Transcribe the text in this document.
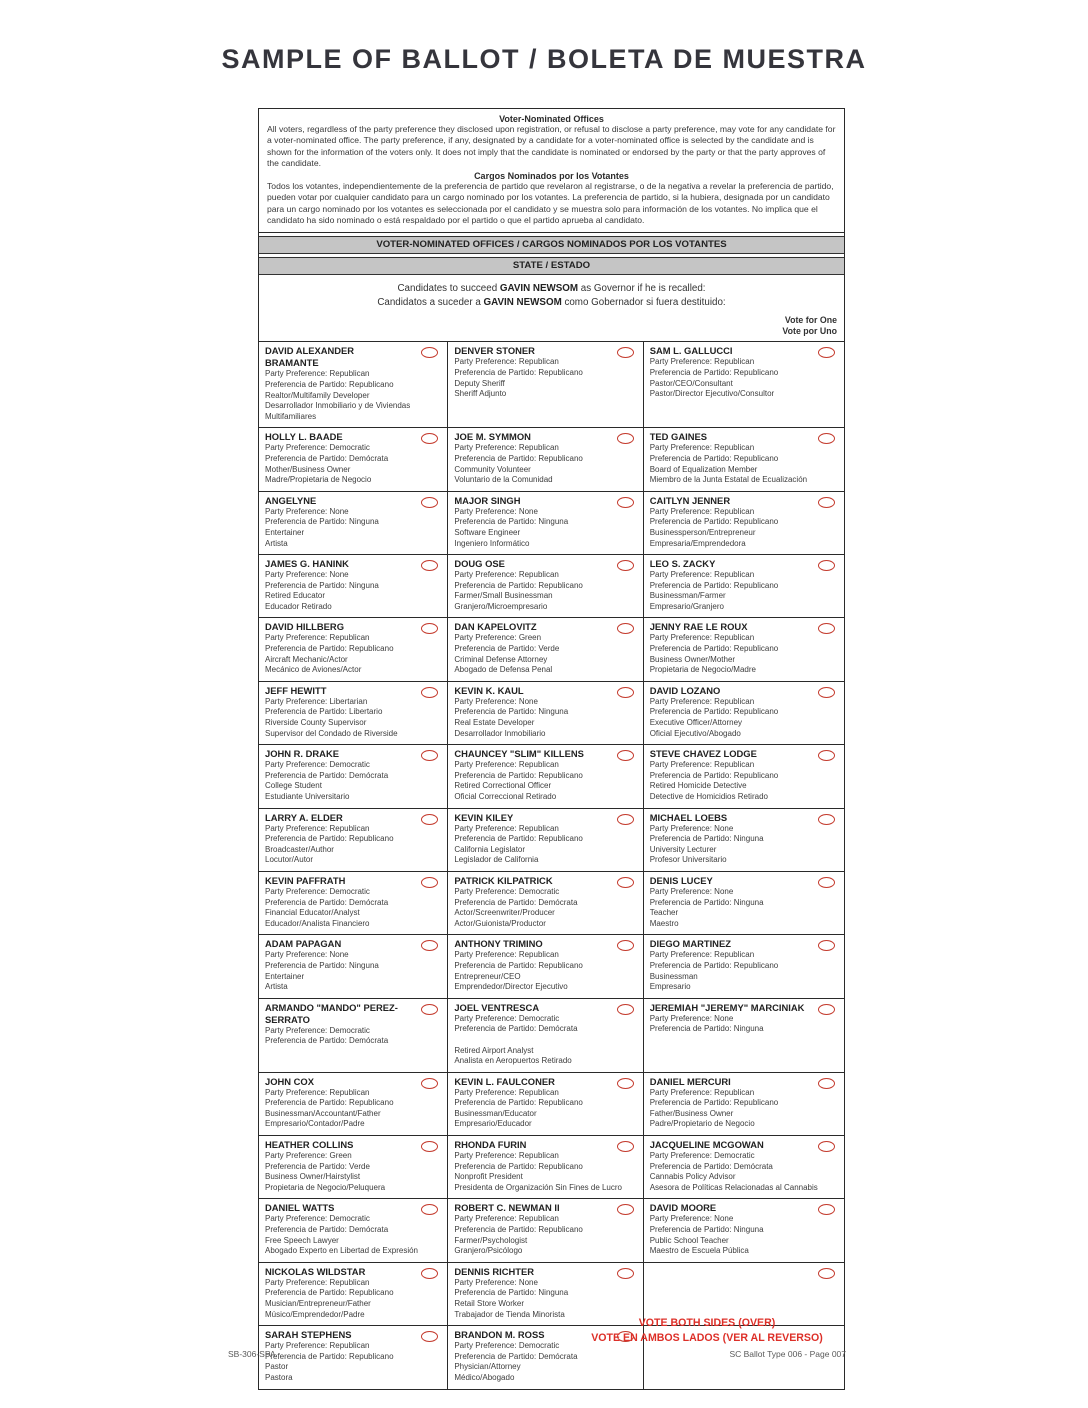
SAMPLE OF BALLOT / BOLETA DE MUESTRA
Voter-Nominated Offices
All voters, regardless of the party preference they disclosed upon registration, or refusal to disclose a party preference, may vote for any candidate for a voter-nominated office. The party preference, if any, designated by a candidate for a voter-nominated office is selected by the candidate and is shown for the information of the voters only. It does not imply that the candidate is nominated or endorsed by the party or that the party approves of the candidate.
Cargos Nominados por los Votantes
Todos los votantes, independientemente de la preferencia de partido que revelaron al registrarse, o de la negativa a revelar la preferencia de partido, pueden votar por cualquier candidato para un cargo nominado por los votantes. La preferencia de partido, si la hubiera, designada por un candidato para un cargo nominado por los votantes es seleccionada por el candidato y se muestra solo para información de los votantes. No implica que el candidato ha sido nominado o está respaldado por el partido o que el partido aprueba al candidato.
VOTER-NOMINATED OFFICES / CARGOS NOMINADOS POR LOS VOTANTES
STATE / ESTADO
Candidates to succeed GAVIN NEWSOM as Governor if he is recalled:
Candidatos a suceder a GAVIN NEWSOM como Gobernador si fuera destituido:
Vote for One
Vote por Uno
DAVID ALEXANDER BRAMANTE
Party Preference: Republican
Preferencia de Partido: Republicano
Realtor/Multifamily Developer
Desarrollador Inmobiliario y de Viviendas Multifamiliares
DENVER STONER
Party Preference: Republican
Preferencia de Partido: Republicano
Deputy Sheriff
Sheriff Adjunto
SAM L. GALLUCCI
Party Preference: Republican
Preferencia de Partido: Republicano
Pastor/CEO/Consultant
Pastor/Director Ejecutivo/Consultor
HOLLY L. BAADE
Party Preference: Democratic
Preferencia de Partido: Demócrata
Mother/Business Owner
Madre/Propietaria de Negocio
JOE M. SYMMON
Party Preference: Republican
Preferencia de Partido: Republicano
Community Volunteer
Voluntario de la Comunidad
TED GAINES
Party Preference: Republican
Preferencia de Partido: Republicano
Board of Equalization Member
Miembro de la Junta Estatal de Ecualización
ANGELYNE
Party Preference: None
Preferencia de Partido: Ninguna
Entertainer
Artista
MAJOR SINGH
Party Preference: None
Preferencia de Partido: Ninguna
Software Engineer
Ingeniero Informático
CAITLYN JENNER
Party Preference: Republican
Preferencia de Partido: Republicano
Businessperson/Entrepreneur
Empresaria/Emprendedora
JAMES G. HANINK
Party Preference: None
Preferencia de Partido: Ninguna
Retired Educator
Educador Retirado
DOUG OSE
Party Preference: Republican
Preferencia de Partido: Republicano
Farmer/Small Businessman
Granjero/Microempresario
LEO S. ZACKY
Party Preference: Republican
Preferencia de Partido: Republicano
Businessman/Farmer
Empresario/Granjero
DAVID HILLBERG
Party Preference: Republican
Preferencia de Partido: Republicano
Aircraft Mechanic/Actor
Mecánico de Aviones/Actor
DAN KAPELOVITZ
Party Preference: Green
Preferencia de Partido: Verde
Criminal Defense Attorney
Abogado de Defensa Penal
JENNY RAE LE ROUX
Party Preference: Republican
Preferencia de Partido: Republicano
Business Owner/Mother
Propietaria de Negocio/Madre
JEFF HEWITT
Party Preference: Libertarian
Preferencia de Partido: Libertario
Riverside County Supervisor
Supervisor del Condado de Riverside
KEVIN K. KAUL
Party Preference: None
Preferencia de Partido: Ninguna
Real Estate Developer
Desarrollador Inmobiliario
DAVID LOZANO
Party Preference: Republican
Preferencia de Partido: Republicano
Executive Officer/Attorney
Oficial Ejecutivo/Abogado
JOHN R. DRAKE
Party Preference: Democratic
Preferencia de Partido: Demócrata
College Student
Estudiante Universitario
CHAUNCEY "SLIM" KILLENS
Party Preference: Republican
Preferencia de Partido: Republicano
Retired Correctional Officer
Oficial Correccional Retirado
STEVE CHAVEZ LODGE
Party Preference: Republican
Preferencia de Partido: Republicano
Retired Homicide Detective
Detective de Homicidios Retirado
LARRY A. ELDER
Party Preference: Republican
Preferencia de Partido: Republicano
Broadcaster/Author
Locutor/Autor
KEVIN KILEY
Party Preference: Republican
Preferencia de Partido: Republicano
California Legislator
Legislador de California
MICHAEL LOEBS
Party Preference: None
Preferencia de Partido: Ninguna
University Lecturer
Profesor Universitario
KEVIN PAFFRATH
Party Preference: Democratic
Preferencia de Partido: Demócrata
Financial Educator/Analyst
Educador/Analista Financiero
PATRICK KILPATRICK
Party Preference: Democratic
Preferencia de Partido: Demócrata
Actor/Screenwriter/Producer
Actor/Guionista/Productor
DENIS LUCEY
Party Preference: None
Preferencia de Partido: Ninguna
Teacher
Maestro
ADAM PAPAGAN
Party Preference: None
Preferencia de Partido: Ninguna
Entertainer
Artista
ANTHONY TRIMINO
Party Preference: Republican
Preferencia de Partido: Republicano
Entrepreneur/CEO
Emprendedor/Director Ejecutivo
DIEGO MARTINEZ
Party Preference: Republican
Preferencia de Partido: Republicano
Businessman
Empresario
ARMANDO "MANDO" PEREZ-SERRATO
Party Preference: Democratic
Preferencia de Partido: Demócrata
JOEL VENTRESCA
Party Preference: Democratic
Preferencia de Partido: Demócrata

Retired Airport Analyst
Analista en Aeropuertos Retirado
JEREMIAH "JEREMY" MARCINIAK
Party Preference: None
Preferencia de Partido: Ninguna
JOHN COX
Party Preference: Republican
Preferencia de Partido: Republicano
Businessman/Accountant/Father
Empresario/Contador/Padre
KEVIN L. FAULCONER
Party Preference: Republican
Preferencia de Partido: Republicano
Businessman/Educator
Empresario/Educador
DANIEL MERCURI
Party Preference: Republican
Preferencia de Partido: Republicano
Father/Business Owner
Padre/Propietario de Negocio
HEATHER COLLINS
Party Preference: Green
Preferencia de Partido: Verde
Business Owner/Hairstylist
Propietaria de Negocio/Peluquera
RHONDA FURIN
Party Preference: Republican
Preferencia de Partido: Republicano
Nonprofit President
Presidenta de Organización Sin Fines de Lucro
JACQUELINE MCGOWAN
Party Preference: Democratic
Preferencia de Partido: Demócrata
Cannabis Policy Advisor
Asesora de Políticas Relacionadas al Cannabis
DANIEL WATTS
Party Preference: Democratic
Preferencia de Partido: Demócrata
Free Speech Lawyer
Abogado Experto en Libertad de Expresión
ROBERT C. NEWMAN II
Party Preference: Republican
Preferencia de Partido: Republicano
Farmer/Psychologist
Granjero/Psicólogo
DAVID MOORE
Party Preference: None
Preferencia de Partido: Ninguna
Public School Teacher
Maestro de Escuela Pública
NICKOLAS WILDSTAR
Party Preference: Republican
Preferencia de Partido: Republicano
Musician/Entrepreneur/Father
Músico/Emprendedor/Padre
DENNIS RICHTER
Party Preference: None
Preferencia de Partido: Ninguna
Retail Store Worker
Trabajador de Tienda Minorista
SARAH STEPHENS
Party Preference: Republican
Preferencia de Partido: Republicano
Pastor
Pastora
BRANDON M. ROSS
Party Preference: Democratic
Preferencia de Partido: Demócrata
Physician/Attorney
Médico/Abogado
VOTE BOTH SIDES (OVER)
VOTE EN AMBOS LADOS (VER AL REVERSO)
SB-306-SPA	SC Ballot Type 006 - Page 007
